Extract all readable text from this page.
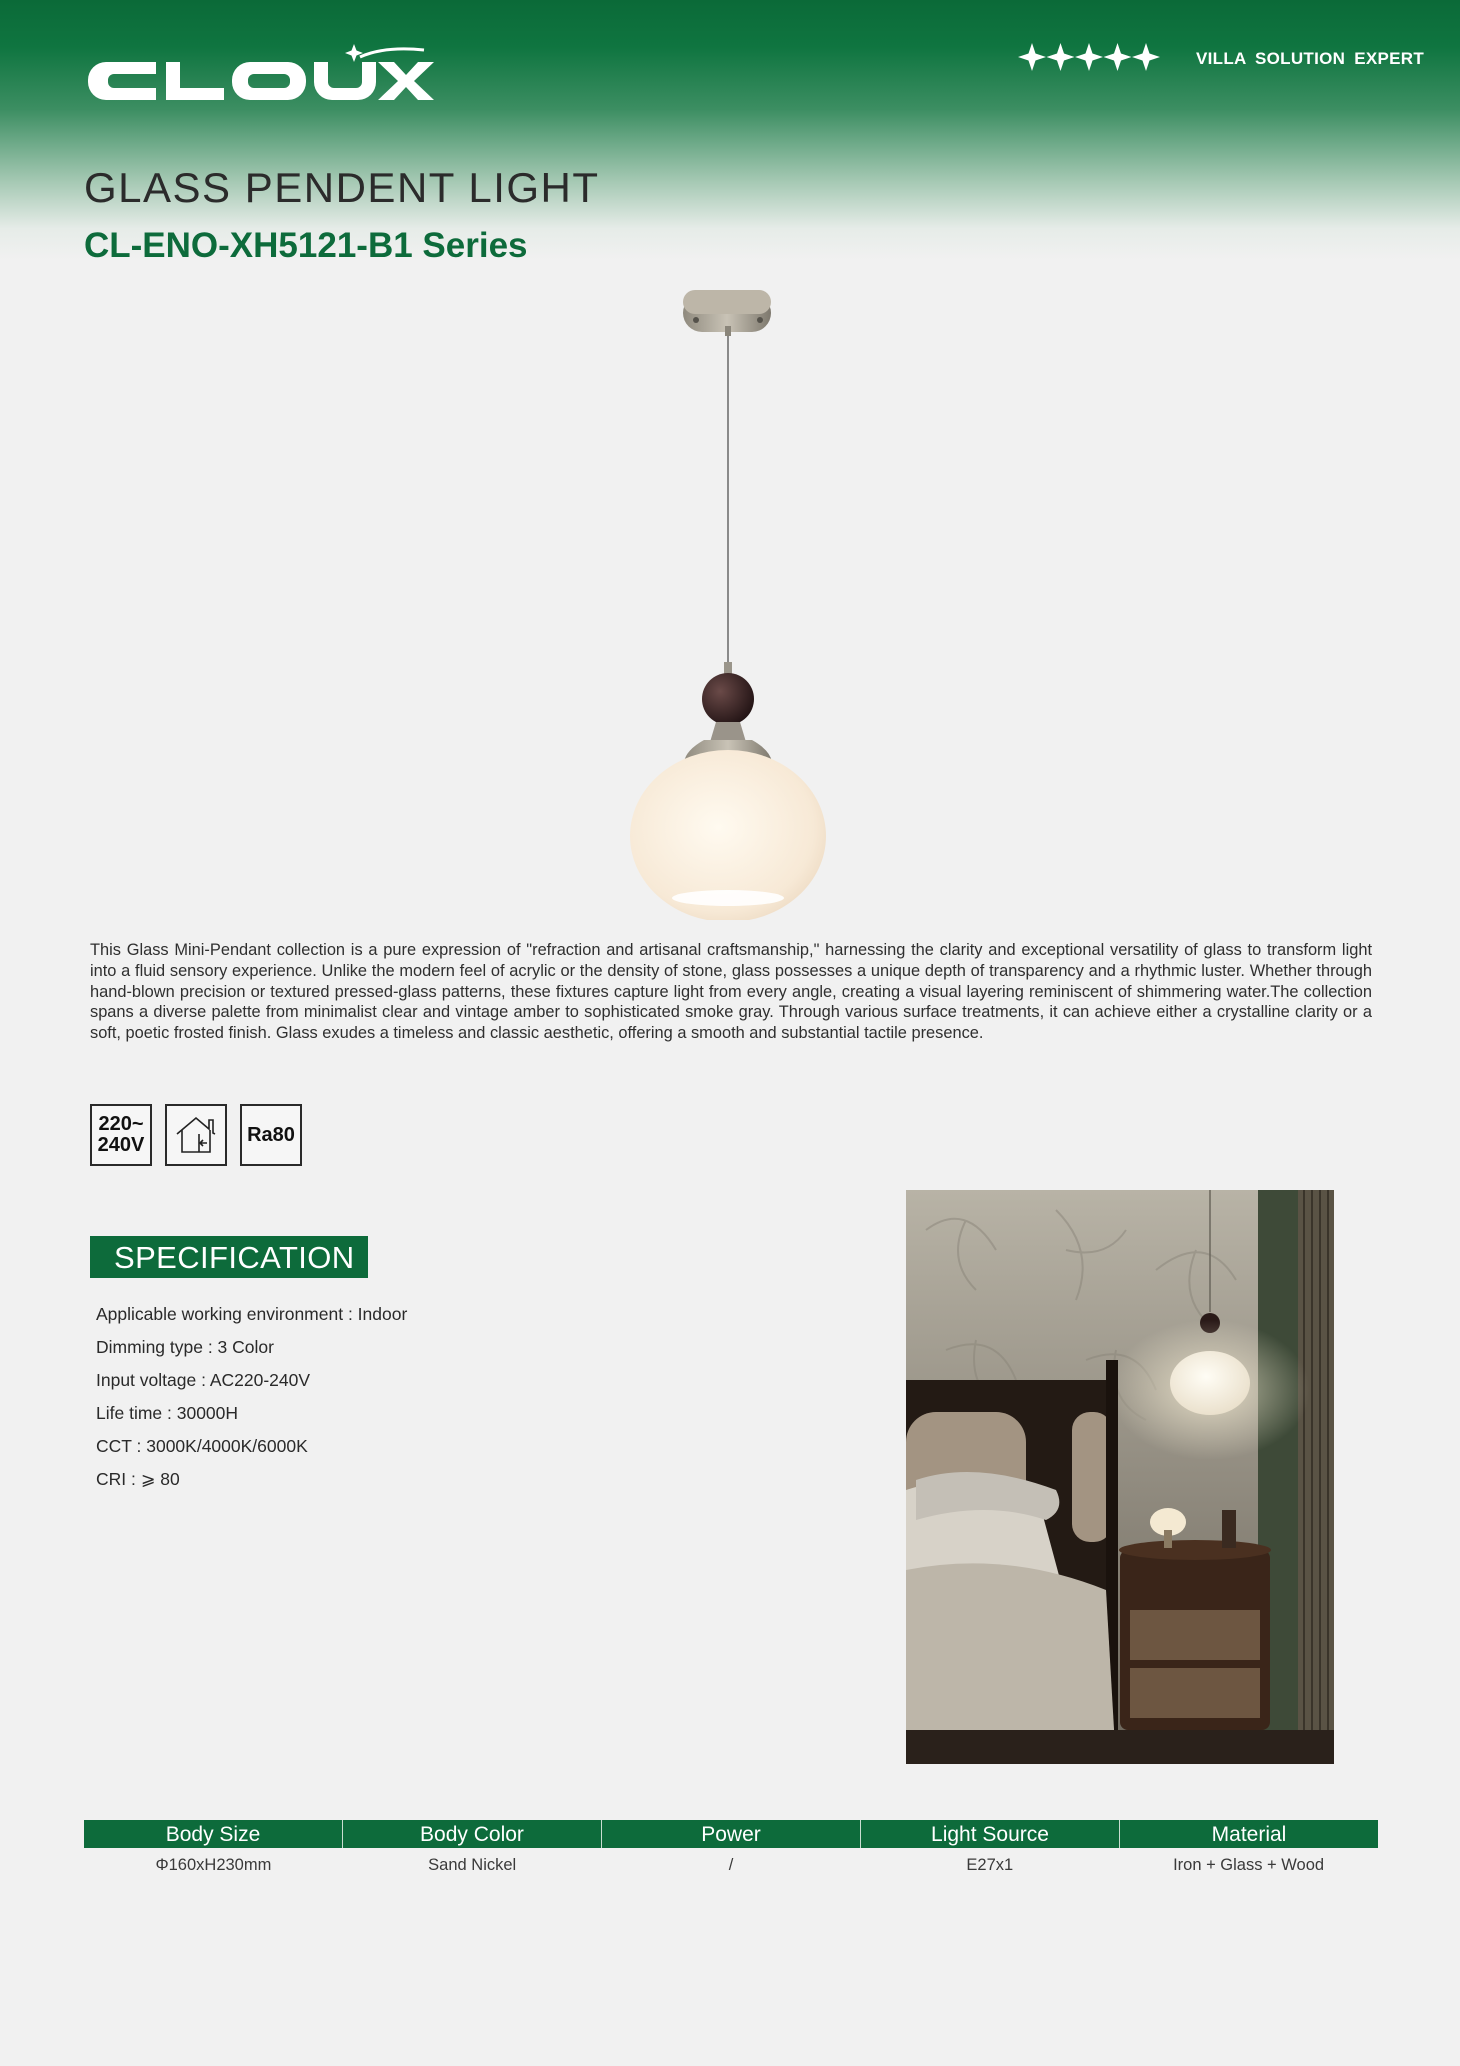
VILLA SOLUTION EXPERT
GLASS PENDENT LIGHT
CL-ENO-XH5121-B1 Series

This Glass Mini-Pendant collection is a pure expression of "refraction and artisanal craftsmanship," harnessing the clarity and exceptional versatility of glass to transform light into a fluid sensory experience. Unlike the modern feel of acrylic or the density of stone, glass possesses a unique depth of transparency and a rhythmic luster. Whether through hand-blown precision or textured pressed-glass patterns, these fixtures capture light from every angle, creating a visual layering reminiscent of shimmering water.The collection spans a diverse palette from minimalist clear and vintage amber to sophisticated smoke gray. Through various surface treatments, it can achieve either a crystalline clarity or a soft, poetic frosted finish. Glass exudes a timeless and classic aesthetic, offering a smooth and substantial tactile presence.

220~
240V	Ra80
SPECIFICATION
Applicable working environment : Indoor
Dimming type : 3 Color
Input voltage : AC220-240V
Life time : 30000H
CCT : 3000K/4000K/6000K
CRI : ⩾ 80
Body Size	Body Color	Power	Light Source	Material
Φ160xH230mm	Sand Nickel	/	E27x1	Iron + Glass + Wood
